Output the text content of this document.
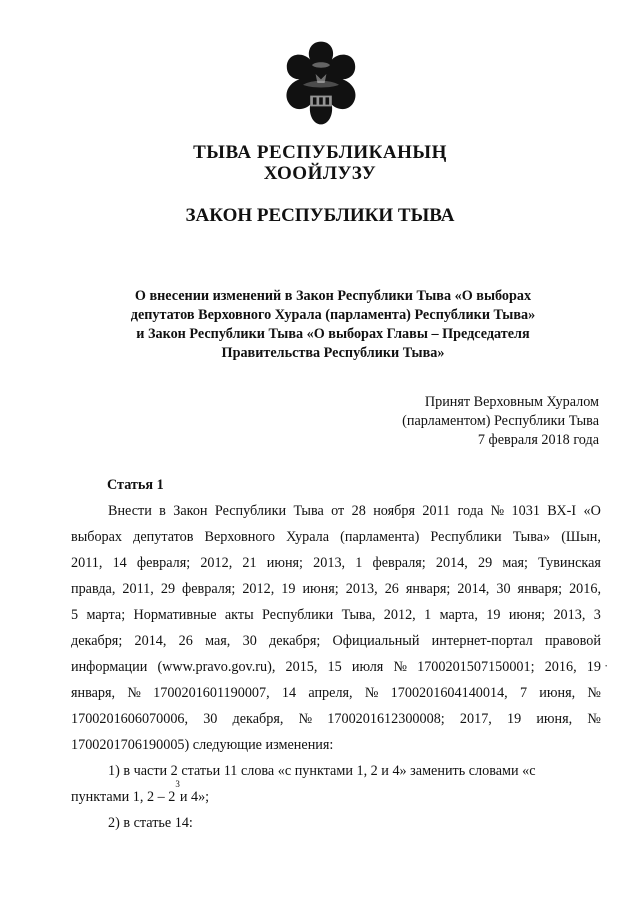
ТЫВА РЕСПУБЛИКАНЫҢ
ХООЙЛУЗУ
ЗАКОН РЕСПУБЛИКИ ТЫВА
О внесении изменений в Закон Республики Тыва «О выборах
депутатов Верховного Хурала (парламента) Республики Тыва»
и Закон Республики Тыва «О выборах Главы – Председателя
Правительства Республики Тыва»
Принят Верховным Хуралом
(парламентом) Республики Тыва
7 февраля 2018 года
Статья 1
Внести в Закон Республики Тыва от 28 ноября 2011 года № 1031 ВХ-I «О
выборах депутатов Верховного Хурала (парламента) Республики Тыва» (Шын,
2011, 14 февраля; 2012, 21 июня; 2013, 1 февраля; 2014, 29 мая; Тувинская
правда, 2011, 29 февраля; 2012, 19 июня; 2013, 26 января; 2014, 30 января; 2016,
5 марта; Нормативные акты Республики Тыва, 2012, 1 марта, 19 июня; 2013, 3
декабря; 2014, 26 мая, 30 декабря; Официальный интернет-портал правовой
информации (www.pravo.gov.ru), 2015, 15 июля № 1700201507150001; 2016, 19
января, № 1700201601190007, 14 апреля, № 1700201604140014, 7 июня, №
1700201606070006, 30 декабря, № 1700201612300008; 2017, 19 июня, №
1700201706190005) следующие изменения:
1) в части 2 статьи 11 слова «с пунктами 1, 2 и 4» заменить словами «с
пунктами 1, 2 – 2
3
и 4»;
2) в статье 14:
·
